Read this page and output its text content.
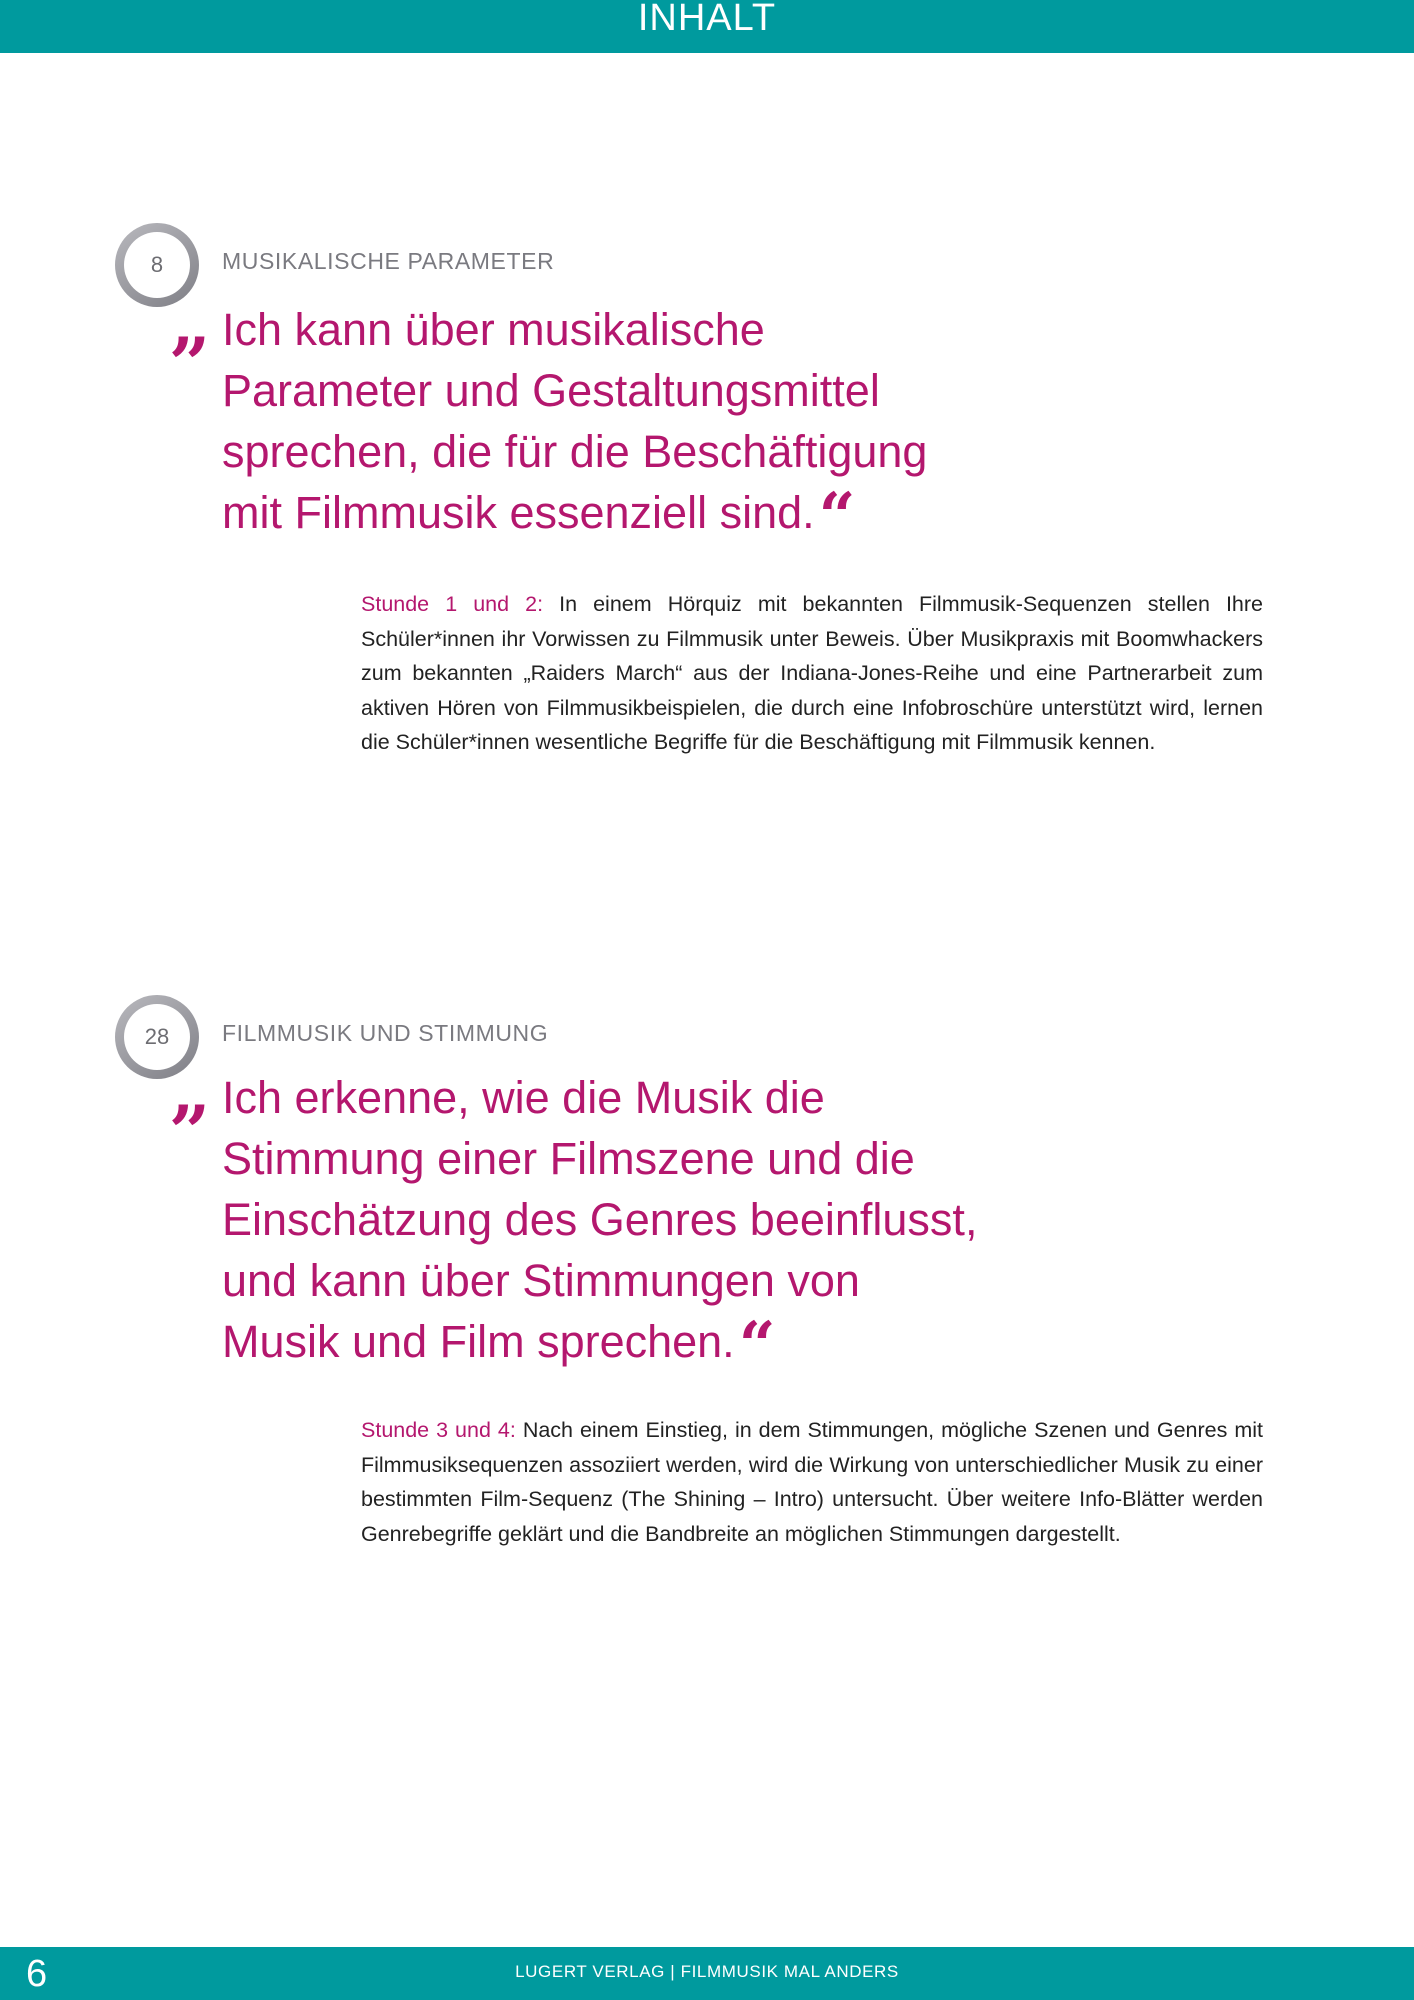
INHALT
8	MUSIKALISCHE PARAMETER
„ Ich kann über musikalische
Parameter und Gestaltungsmittel
sprechen, die für die Beschäftigung
mit Filmmusik essenziell sind.“

Stunde 1 und 2: In einem Hörquiz mit bekannten Filmmusik-Sequenzen stellen Ihre Schüler*innen ihr Vorwissen zu Filmmusik unter Beweis. Über Musikpraxis mit Boomwhackers zum bekannten „Raiders March“ aus der Indiana-Jones-Reihe und eine Partnerarbeit zum aktiven Hören von Filmmusikbeispielen, die durch eine Infobroschüre unterstützt wird, lernen die Schüler*innen wesentliche Begriffe für die Beschäftigung mit Filmmusik kennen.

28	FILMMUSIK UND STIMMUNG
„ Ich erkenne, wie die Musik die
Stimmung einer Filmszene und die
Einschätzung des Genres beeinflusst,
und kann über Stimmungen von
Musik und Film sprechen.“

Stunde 3 und 4: Nach einem Einstieg, in dem Stimmungen, mögliche Szenen und Genres mit Filmmusiksequenzen assoziiert werden, wird die Wirkung von unterschiedlicher Musik zu einer bestimmten Film-Sequenz (The Shining – Intro) untersucht. Über weitere Info-Blätter werden Genrebegriffe geklärt und die Bandbreite an möglichen Stimmungen dargestellt.

6	LUGERT VERLAG | FILMMUSIK MAL ANDERS
